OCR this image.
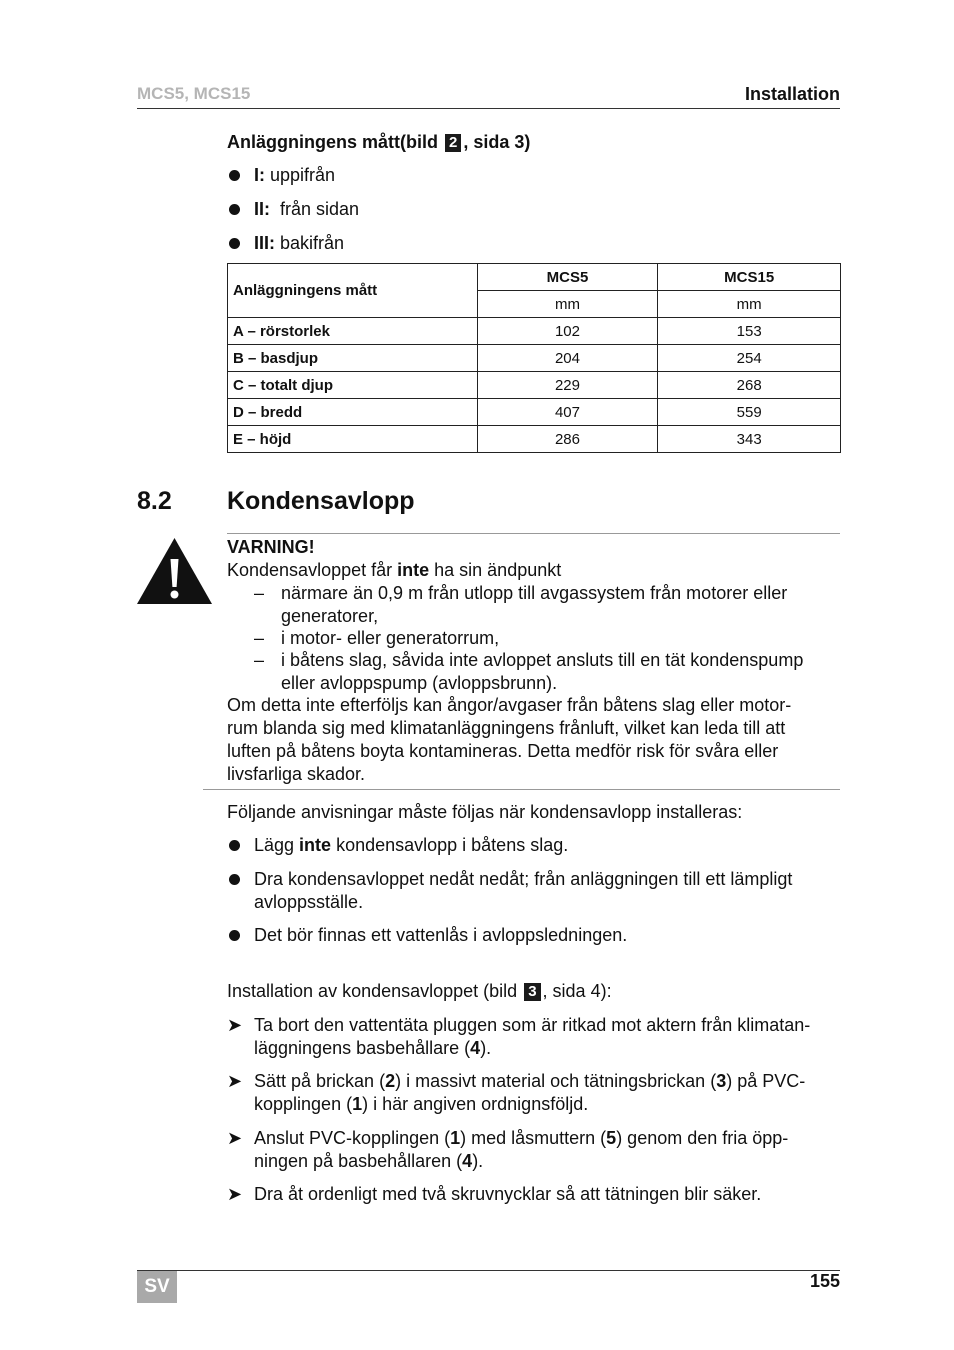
MCS5, MCS15	Installation
Anläggningens mått(bild 2 , sida 3)
I: uppifrån
II:  från sidan
III: bakifrån
Anläggningens mått	MCS5	MCS15
	mm	mm
A – rörstorlek	102	153
B – basdjup	204	254
C – totalt djup	229	268
D – bredd	407	559
E – höjd	286	343
8.2 Kondensavlopp
VARNING!
Kondensavloppet får inte ha sin ändpunkt
– närmare än 0,9 m från utlopp till avgassystem från motorer eller
generatorer,
– i motor- eller generatorrum,
– i båtens slag, såvida inte avloppet ansluts till en tät kondenspump
eller avloppspump (avloppsbrunn).
Om detta inte efterföljs kan ångor/avgaser från båtens slag eller motor-
rum blanda sig med klimatanläggningens frånluft, vilket kan leda till att
luften på båtens boyta kontamineras. Detta medför risk för svåra eller
livsfarliga skador.
Följande anvisningar måste följas när kondensavlopp installeras:
Lägg inte kondensavlopp i båtens slag.
Dra kondensavloppet nedåt nedåt; från anläggningen till ett lämpligt
avloppsställe.
Det bör finnas ett vattenlås i avloppsledningen.
Installation av kondensavloppet (bild 3 , sida 4):
➤ Ta bort den vattentäta pluggen som är ritkad mot aktern från klimatan-
läggningens basbehållare (4).
➤ Sätt på brickan (2) i massivt material och tätningsbrickan (3) på PVC-
kopplingen (1) i här angiven ordnignsföljd.
➤ Anslut PVC-kopplingen (1) med låsmuttern (5) genom den fria öpp-
ningen på basbehållaren (4).
➤ Dra åt ordenligt med två skruvnycklar så att tätningen blir säker.
SV	155
